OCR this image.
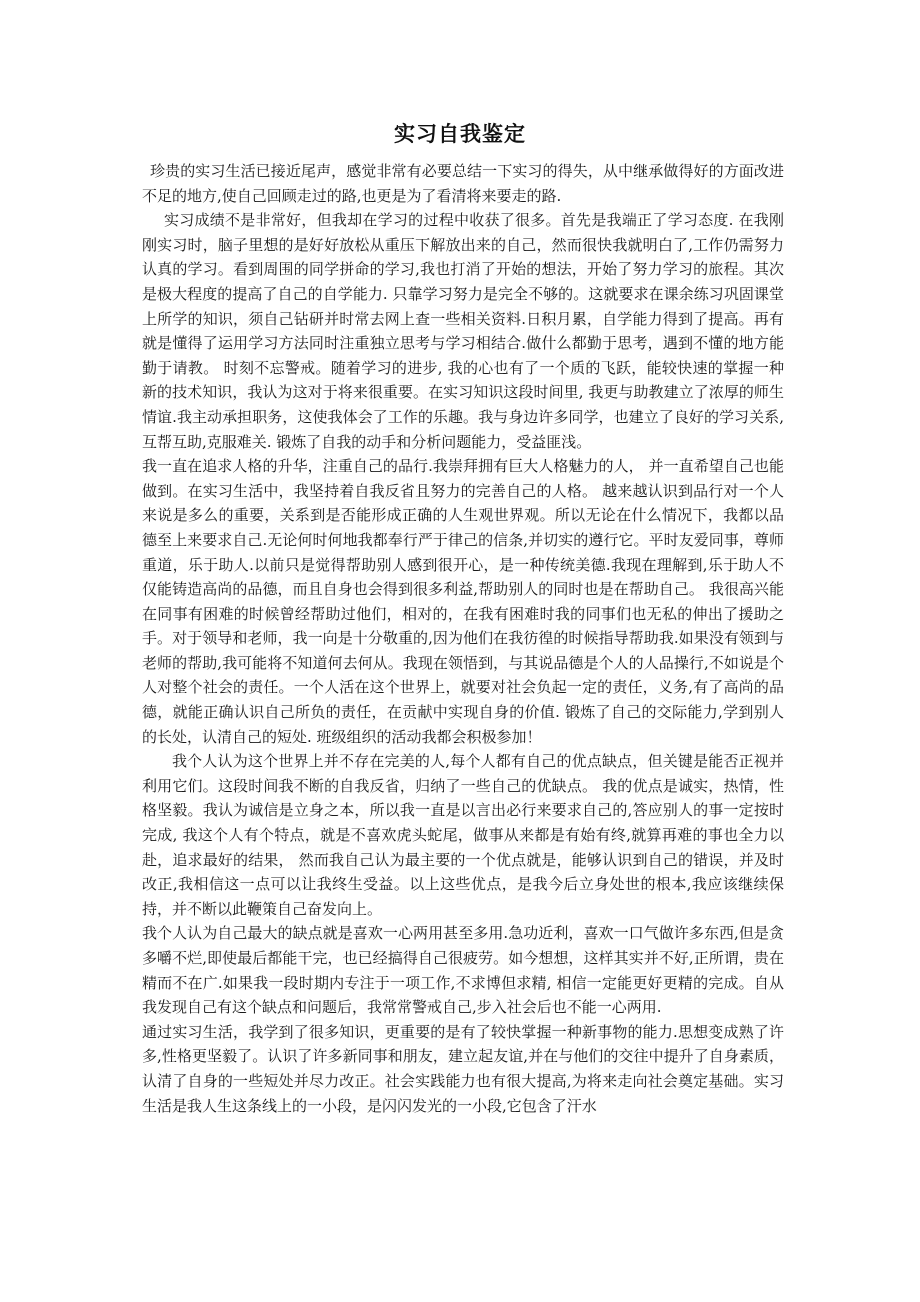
实习自我鉴定

珍贵的实习生活已接近尾声，感觉非常有必要总结一下实习的得失，从中继承做得好的方面改进不足的地方,使自己回顾走过的路,也更是为了看清将来要走的路.

实习成绩不是非常好，但我却在学习的过程中收获了很多。首先是我端正了学习态度. 在我刚刚实习时，脑子里想的是好好放松从重压下解放出来的自己，然而很快我就明白了,工作仍需努力认真的学习。看到周围的同学拼命的学习,我也打消了开始的想法，开始了努力学习的旅程。其次是极大程度的提高了自己的自学能力. 只靠学习努力是完全不够的。这就要求在课余练习巩固课堂上所学的知识，须自己钻研并时常去网上查一些相关资料.日积月累，自学能力得到了提高。再有就是懂得了运用学习方法同时注重独立思考与学习相结合.做什么都勤于思考，遇到不懂的地方能勤于请教。 时刻不忘警戒。随着学习的进步, 我的心也有了一个质的飞跃，能较快速的掌握一种新的技术知识，我认为这对于将来很重要。在实习知识这段时间里, 我更与助教建立了浓厚的师生情谊.我主动承担职务，这使我体会了工作的乐趣。我与身边许多同学，也建立了良好的学习关系,互帮互助,克服难关. 锻炼了自我的动手和分析问题能力，受益匪浅。

我一直在追求人格的升华，注重自己的品行.我崇拜拥有巨大人格魅力的人， 并一直希望自己也能做到。在实习生活中，我坚持着自我反省且努力的完善自己的人格。 越来越认识到品行对一个人来说是多么的重要，关系到是否能形成正确的人生观世界观。所以无论在什么情况下，我都以品德至上来要求自己.无论何时何地我都奉行严于律己的信条,并切实的遵行它。平时友爱同事，尊师重道，乐于助人.以前只是觉得帮助别人感到很开心，是一种传统美德.我现在理解到,乐于助人不仅能铸造高尚的品德，而且自身也会得到很多利益,帮助别人的同时也是在帮助自己。 我很高兴能在同事有困难的时候曾经帮助过他们，相对的，在我有困难时我的同事们也无私的伸出了援助之手。对于领导和老师，我一向是十分敬重的,因为他们在我彷徨的时候指导帮助我.如果没有领到与老师的帮助,我可能将不知道何去何从。我现在领悟到，与其说品德是个人的人品操行,不如说是个人对整个社会的责任。一个人活在这个世界上，就要对社会负起一定的责任，义务,有了高尚的品德，就能正确认识自己所负的责任，在贡献中实现自身的价值. 锻炼了自己的交际能力,学到别人的长处，认清自己的短处. 班级组织的活动我都会积极参加！

我个人认为这个世界上并不存在完美的人,每个人都有自己的优点缺点，但关键是能否正视并利用它们。这段时间我不断的自我反省，归纳了一些自己的优缺点。 我的优点是诚实，热情，性格坚毅。我认为诚信是立身之本，所以我一直是以言出必行来要求自己的,答应别人的事一定按时完成, 我这个人有个特点，就是不喜欢虎头蛇尾，做事从来都是有始有终,就算再难的事也全力以赴，追求最好的结果， 然而我自己认为最主要的一个优点就是，能够认识到自己的错误，并及时改正,我相信这一点可以让我终生受益。以上这些优点，是我今后立身处世的根本,我应该继续保持，并不断以此鞭策自己奋发向上。

我个人认为自己最大的缺点就是喜欢一心两用甚至多用.急功近利，喜欢一口气做许多东西,但是贪多嚼不烂,即使最后都能干完，也已经搞得自己很疲劳。如今想想，这样其实并不好,正所谓，贵在精而不在广.如果我一段时期内专注于一项工作,不求博但求精, 相信一定能更好更精的完成。自从我发现自己有这个缺点和问题后，我常常警戒自己,步入社会后也不能一心两用.

通过实习生活，我学到了很多知识，更重要的是有了较快掌握一种新事物的能力.思想变成熟了许多,性格更坚毅了。认识了许多新同事和朋友，建立起友谊,并在与他们的交往中提升了自身素质，认清了自身的一些短处并尽力改正。社会实践能力也有很大提高,为将来走向社会奠定基础。实习生活是我人生这条线上的一小段，是闪闪发光的一小段,它包含了汗水
